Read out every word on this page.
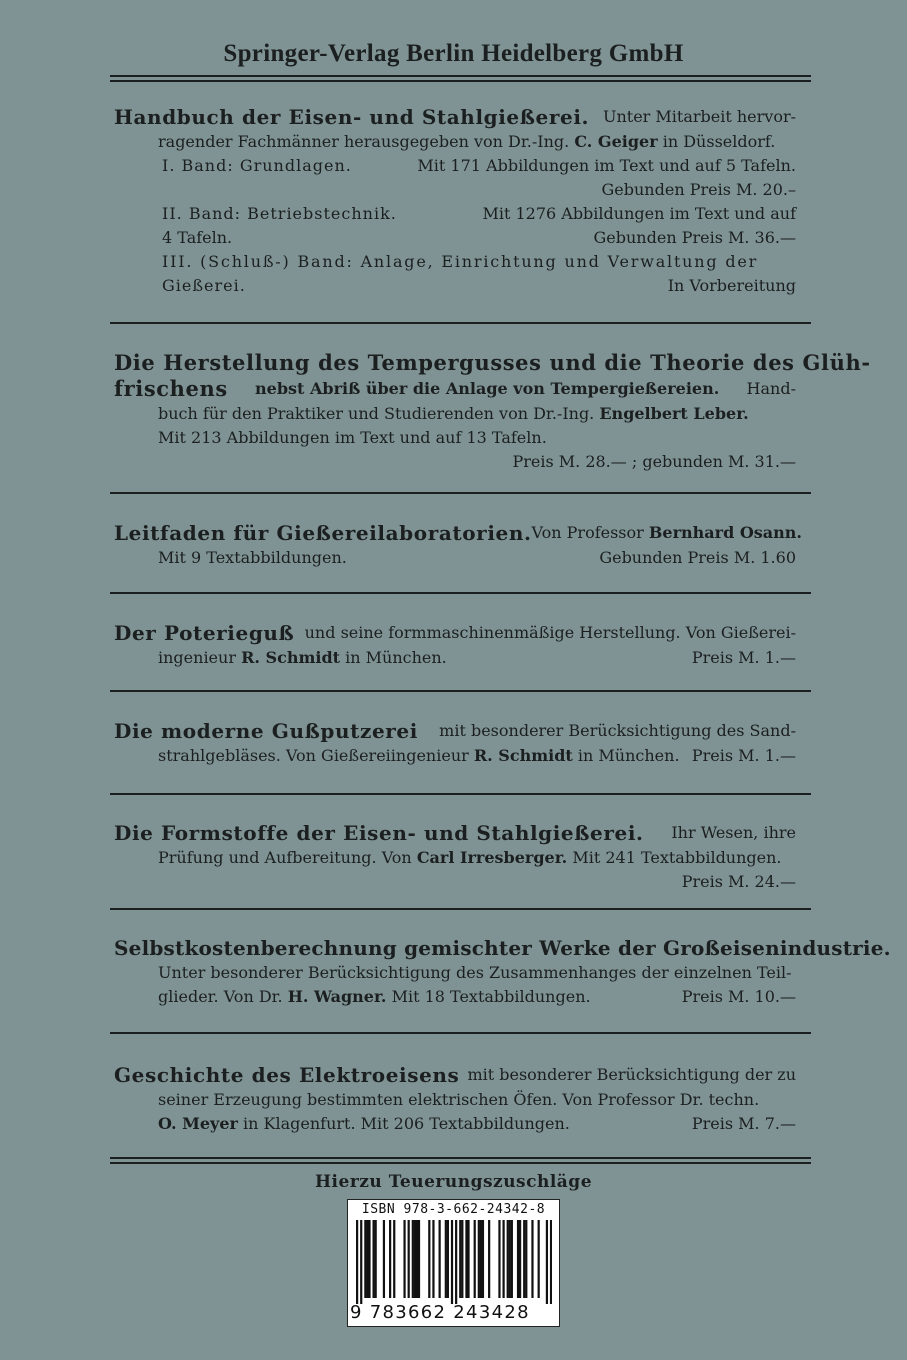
Springer-Verlag Berlin Heidelberg GmbH
Handbuch der Eisen- und Stahlgießerei. Unter Mitarbeit hervor-
ragender Fachmänner herausgegeben von Dr.-Ing. C. Geiger in Düsseldorf.
I. Band: Grundlagen.	Mit 171 Abbildungen im Text und auf 5 Tafeln.
Gebunden Preis M. 20.–
II. Band: Betriebstechnik.	Mit 1276 Abbildungen im Text und auf
4 Tafeln.	Gebunden Preis M. 36.—
III. (Schluß-) Band: Anlage, Einrichtung und Verwaltung der
Gießerei.	In Vorbereitung
Die Herstellung des Tempergusses und die Theorie des Glüh-
frischens nebst Abriß über die Anlage von Tempergießereien. Hand-
buch für den Praktiker und Studierenden von Dr.-Ing. Engelbert Leber.
Mit 213 Abbildungen im Text und auf 13 Tafeln.
Preis M. 28.— ; gebunden M. 31.—
Leitfaden für Gießereilaboratorien. Von Professor Bernhard Osann.
Mit 9 Textabbildungen.	Gebunden Preis M. 1.60
Der Poterieguß und seine formmaschinenmäßige Herstellung. Von Gießerei-
ingenieur R. Schmidt in München.	Preis M. 1.—
Die moderne Gußputzerei mit besonderer Berücksichtigung des Sand-
strahlgebläses. Von Gießereiingenieur R. Schmidt in München. Preis M. 1.—
Die Formstoffe der Eisen- und Stahlgießerei. Ihr Wesen, ihre
Prüfung und Aufbereitung. Von Carl Irresberger. Mit 241 Textabbildungen.
Preis M. 24.—
Selbstkostenberechnung gemischter Werke der Großeisenindustrie.
Unter besonderer Berücksichtigung des Zusammenhanges der einzelnen Teil-
glieder. Von Dr. H. Wagner. Mit 18 Textabbildungen.	Preis M. 10.—
Geschichte des Elektroeisens mit besonderer Berücksichtigung der zu
seiner Erzeugung bestimmten elektrischen Öfen. Von Professor Dr. techn.
O. Meyer in Klagenfurt. Mit 206 Textabbildungen.	Preis M. 7.—
Hierzu Teuerungszuschläge
ISBN 978-3-662-24342-8
9 783662 243428
